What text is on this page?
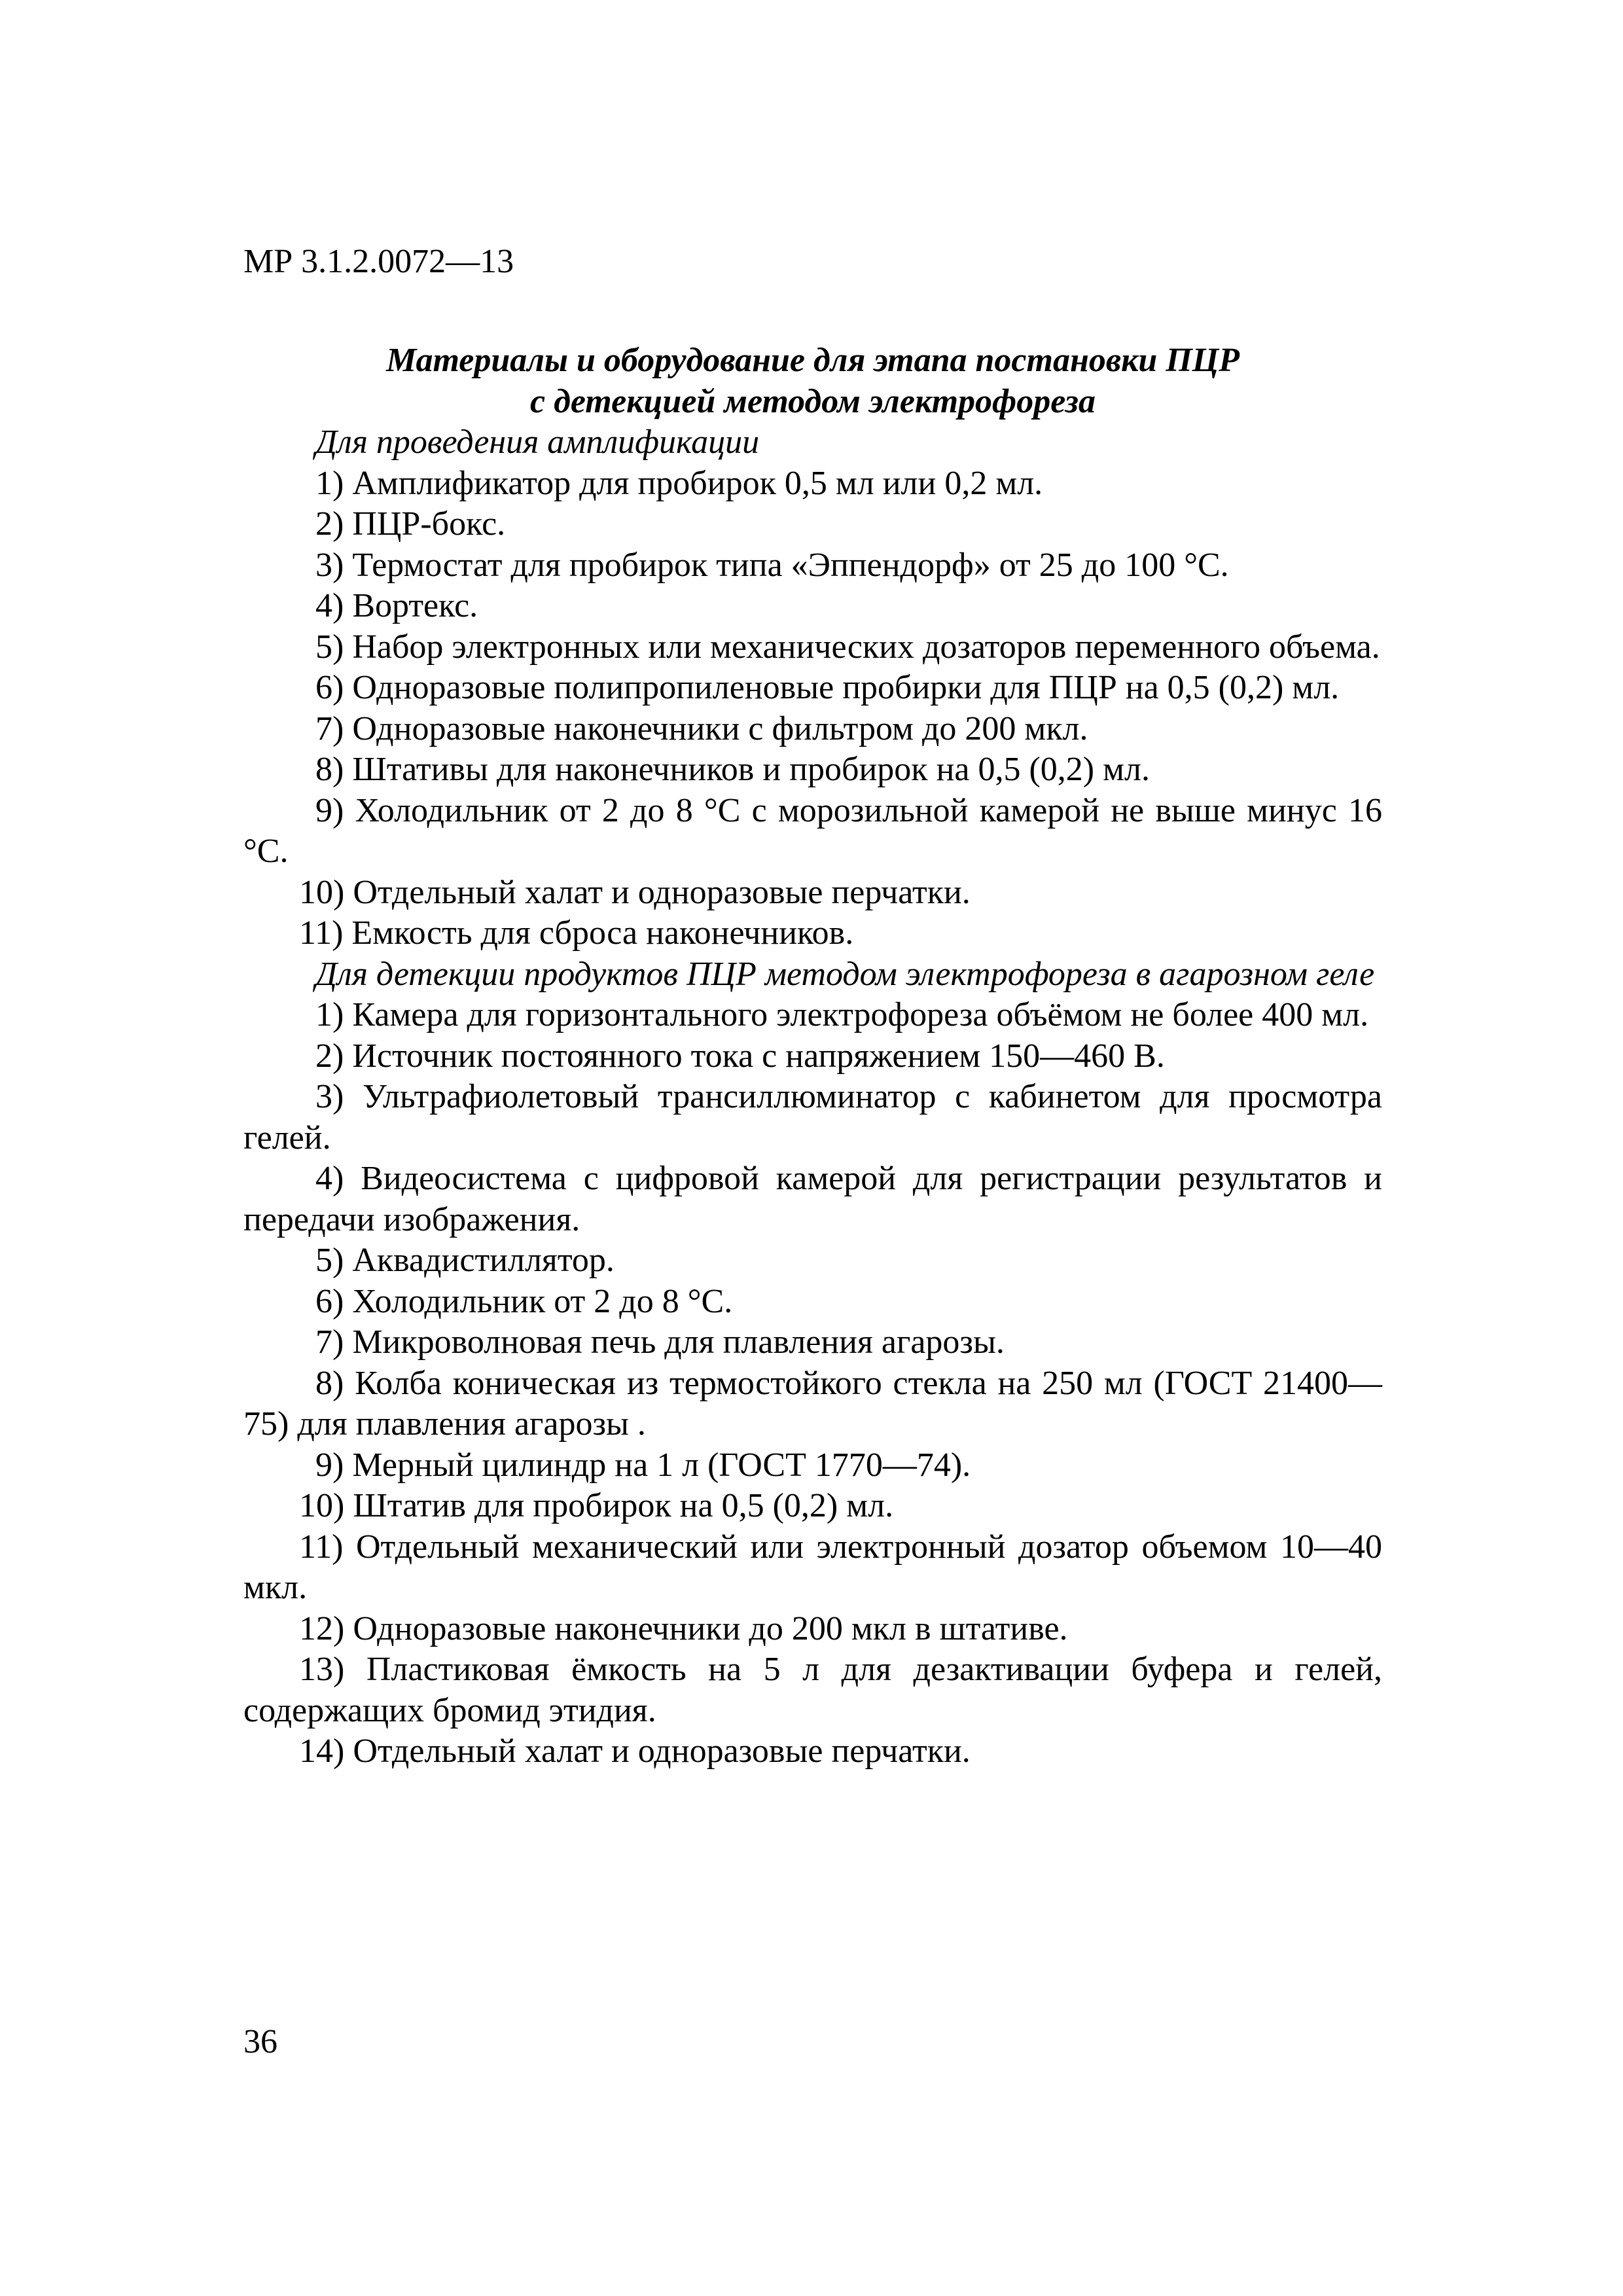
МР 3.1.2.0072—13

Материалы и оборудование для этапа постановки ПЦР

с детекцией методом электрофореза

Для проведения амплификации

1) Амплификатор для пробирок 0,5 мл или 0,2 мл.
2) ПЦР-бокс.
3) Термостат для пробирок типа «Эппендорф» от 25 до 100 °С.
4) Вортекс.
5) Набор электронных или механических дозаторов переменного объема.
6) Одноразовые полипропиленовые пробирки для ПЦР на 0,5 (0,2) мл.
7) Одноразовые наконечники с фильтром до 200 мкл.
8) Штативы для наконечников и пробирок на 0,5 (0,2) мл.
9) Холодильник от 2 до 8 °С с морозильной камерой не выше минус 16 °С.
10) Отдельный халат и одноразовые перчатки.
11) Емкость для сброса наконечников.

Для детекции продуктов ПЦР методом электрофореза в агарозном геле

1) Камера для горизонтального электрофореза объёмом не более 400 мл.
2) Источник постоянного тока с напряжением 150—460 В.
3) Ультрафиолетовый трансиллюминатор с кабинетом для просмотра гелей.
4) Видеосистема с цифровой камерой для регистрации результатов и передачи изображения.
5) Аквадистиллятор.
6) Холодильник от 2 до 8 °С.
7) Микроволновая печь для плавления агарозы.
8) Колба коническая из термостойкого стекла на 250 мл (ГОСТ 21400—75) для плавления агарозы .
9) Мерный цилиндр на 1 л (ГОСТ 1770—74).
10) Штатив для пробирок на 0,5 (0,2) мл.
11) Отдельный механический или электронный дозатор объемом 10—40 мкл.
12) Одноразовые наконечники до 200 мкл в штативе.
13) Пластиковая ёмкость на 5 л для дезактивации буфера и гелей, содержащих бромид этидия.
14) Отдельный халат и одноразовые перчатки.
36
